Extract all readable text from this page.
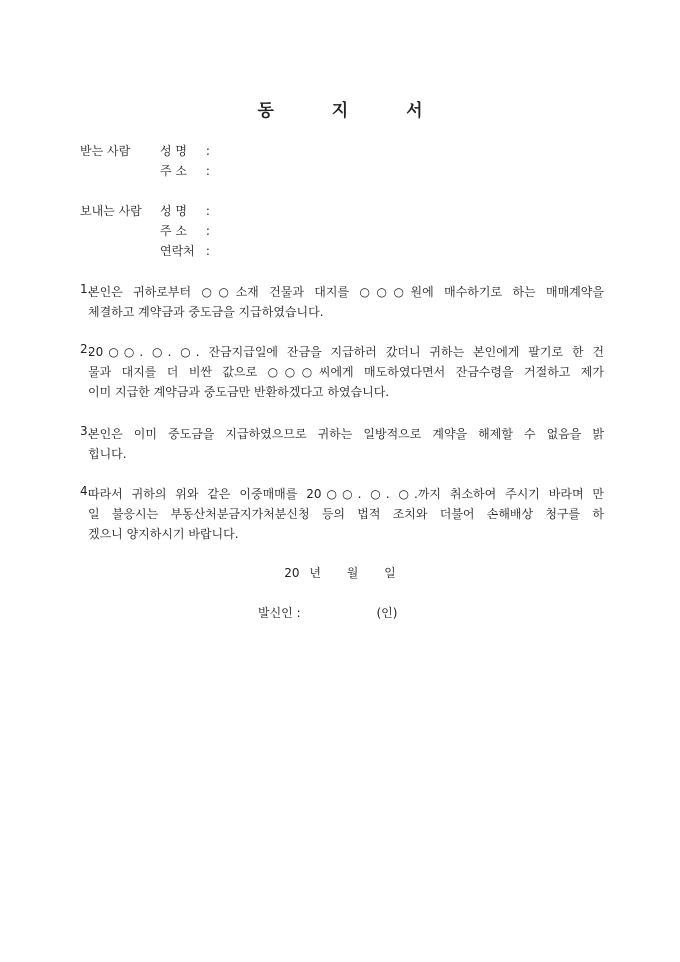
동 지 서
받는 사람 성 명 :
주 소 :
보내는 사람 성 명 :
주 소 :
연락처 :
1.
본인은 귀하로부터 ○○소재 건물과 대지를 ○○○원에 매수하기로 하는 매매계약을
체결하고 계약금과 중도금을 지급하였습니다.
2.
20○○. ○. ○. 잔금지급일에 잔금을 지급하러 갔더니 귀하는 본인에게 팔기로 한 건
물과 대지를 더 비싼 값으로 ○○○씨에게 매도하였다면서 잔금수령을 거절하고 제가
이미 지급한 계약금과 중도금만 반환하겠다고 하였습니다.
3.
본인은 이미 중도금을 지급하였으므로 귀하는 일방적으로 계약을 해제할 수 없음을 밝
힙니다.
4.
따라서 귀하의 위와 같은 이중매매를 20○○. ○. ○.까지 취소하여 주시기 바라며 만
일 불응시는 부동산처분금지가처분신청 등의 법적 조치와 더불어 손해배상 청구를 하
겠으니 양지하시기 바랍니다.
20 년 월 일
발신인 :	(인)
